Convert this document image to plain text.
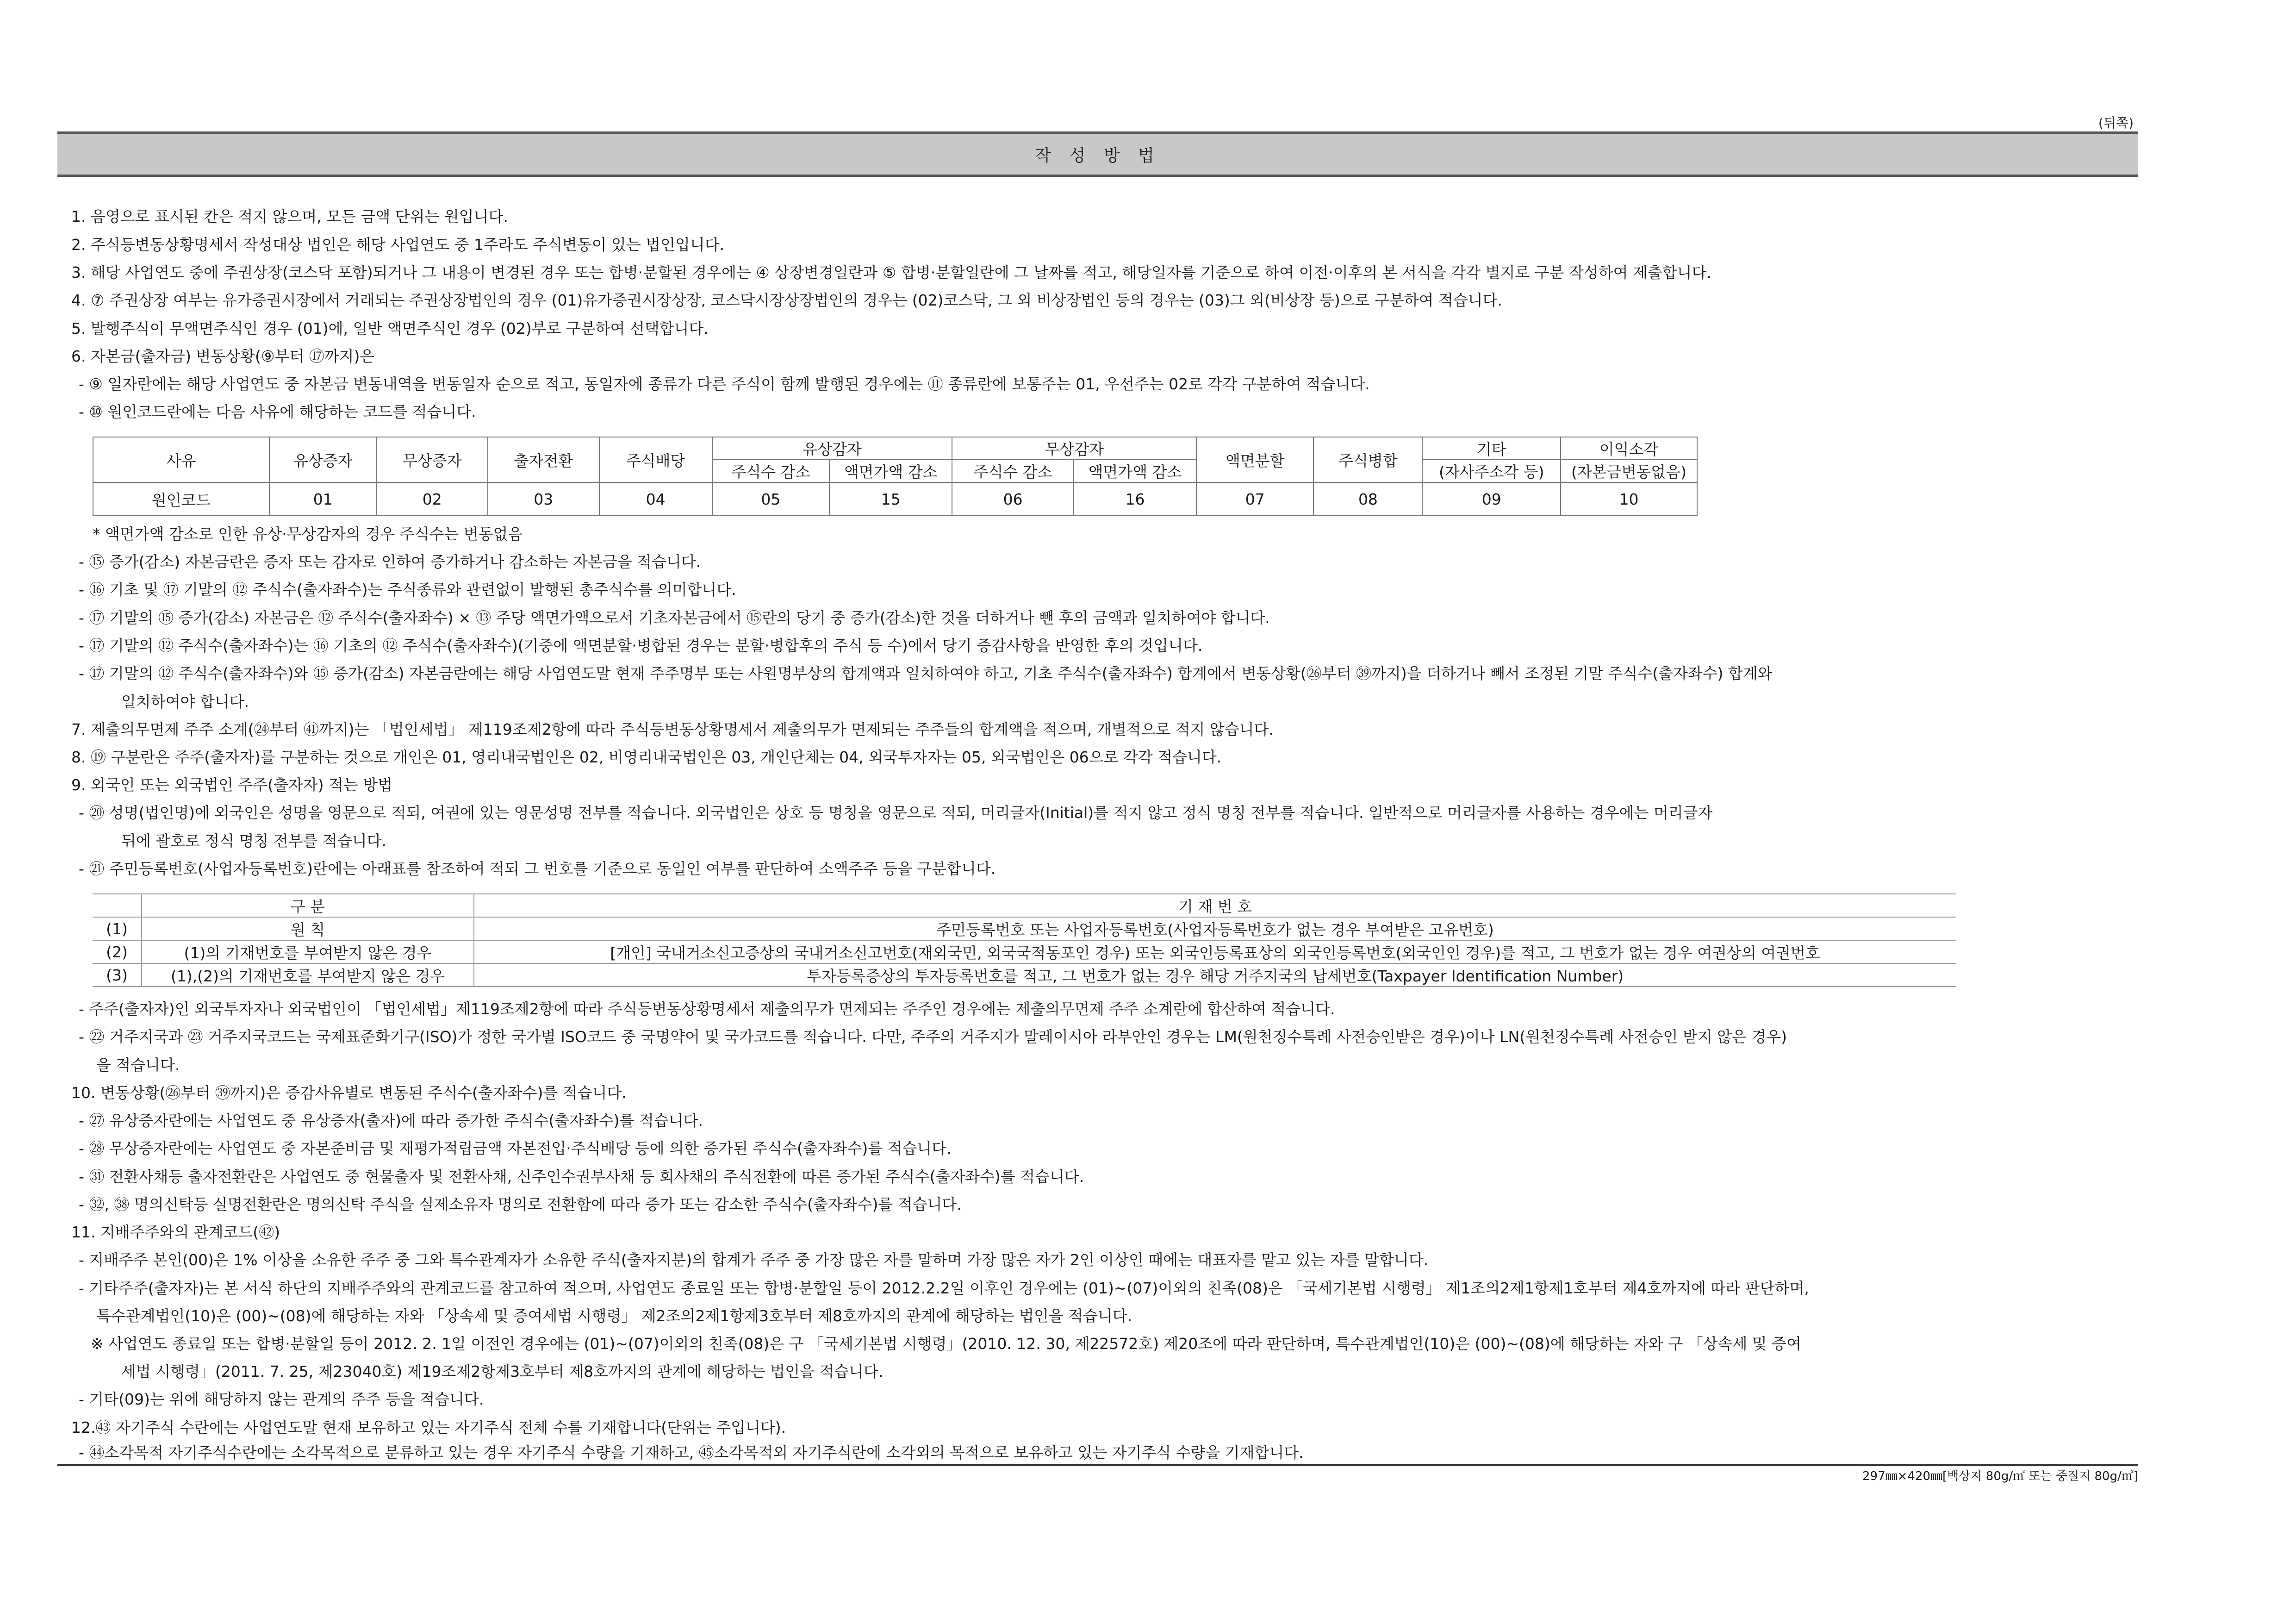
(뒤쪽)
작 성 방 법
1. 음영으로 표시된 칸은 적지 않으며, 모든 금액 단위는 원입니다.
2. 주식등변동상황명세서 작성대상 법인은 해당 사업연도 중 1주라도 주식변동이 있는 법인입니다.
3. 해당 사업연도 중에 주권상장(코스닥 포함)되거나 그 내용이 변경된 경우 또는 합병·분할된 경우에는 ④ 상장변경일란과 ⑤ 합병·분할일란에 그 날짜를 적고, 해당일자를 기준으로 하여 이전·이후의 본 서식을 각각 별지로 구분 작성하여 제출합니다.
4. ⑦ 주권상장 여부는 유가증권시장에서 거래되는 주권상장법인의 경우 (01)유가증권시장상장, 코스닥시장상장법인의 경우는 (02)코스닥, 그 외 비상장법인 등의 경우는 (03)그 외(비상장 등)으로 구분하여 적습니다.
5. 발행주식이 무액면주식인 경우 (01)에, 일반 액면주식인 경우 (02)부로 구분하여 선택합니다.
6. 자본금(출자금) 변동상황(⑨부터 ⑰까지)은
- ⑨ 일자란에는 해당 사업연도 중 자본금 변동내역을 변동일자 순으로 적고, 동일자에 종류가 다른 주식이 함께 발행된 경우에는 ⑪ 종류란에 보통주는 01, 우선주는 02로 각각 구분하여 적습니다.
- ⑩ 원인코드란에는 다음 사유에 해당하는 코드를 적습니다.
사유	유상증자	무상증자	출자전환	주식배당	유상감자		무상감자		액면분할	주식병합	기타	이익소각
					주식수 감소	액면가액 감소	주식수 감소	액면가액 감소			(자사주소각 등)	(자본금변동없음)
원인코드	01	02	03	04	05	15	06	16	07	08	09	10
* 액면가액 감소로 인한 유상·무상감자의 경우 주식수는 변동없음
- ⑮ 증가(감소) 자본금란은 증자 또는 감자로 인하여 증가하거나 감소하는 자본금을 적습니다.
- ⑯ 기초 및 ⑰ 기말의 ⑫ 주식수(출자좌수)는 주식종류와 관련없이 발행된 총주식수를 의미합니다.
- ⑰ 기말의 ⑮ 증가(감소) 자본금은 ⑫ 주식수(출자좌수) × ⑬ 주당 액면가액으로서 기초자본금에서 ⑮란의 당기 중 증가(감소)한 것을 더하거나 뺀 후의 금액과 일치하여야 합니다.
- ⑰ 기말의 ⑫ 주식수(출자좌수)는 ⑯ 기초의 ⑫ 주식수(출자좌수)(기중에 액면분할·병합된 경우는 분할·병합후의 주식 등 수)에서 당기 증감사항을 반영한 후의 것입니다.
- ⑰ 기말의 ⑫ 주식수(출자좌수)와 ⑮ 증가(감소) 자본금란에는 해당 사업연도말 현재 주주명부 또는 사원명부상의 합계액과 일치하여야 하고, 기초 주식수(출자좌수) 합계에서 변동상황(㉖부터 ㊴까지)을 더하거나 빼서 조정된 기말 주식수(출자좌수) 합계와
일치하여야 합니다.
7. 제출의무면제 주주 소계(㉔부터 ㊶까지)는 「법인세법」 제119조제2항에 따라 주식등변동상황명세서 제출의무가 면제되는 주주들의 합계액을 적으며, 개별적으로 적지 않습니다.
8. ⑲ 구분란은 주주(출자자)를 구분하는 것으로 개인은 01, 영리내국법인은 02, 비영리내국법인은 03, 개인단체는 04, 외국투자자는 05, 외국법인은 06으로 각각 적습니다.
9. 외국인 또는 외국법인 주주(출자자) 적는 방법
- ⑳ 성명(법인명)에 외국인은 성명을 영문으로 적되, 여권에 있는 영문성명 전부를 적습니다. 외국법인은 상호 등 명칭을 영문으로 적되, 머리글자(Initial)를 적지 않고 정식 명칭 전부를 적습니다. 일반적으로 머리글자를 사용하는 경우에는 머리글자
뒤에 괄호로 정식 명칭 전부를 적습니다.
- ㉑ 주민등록번호(사업자등록번호)란에는 아래표를 참조하여 적되 그 번호를 기준으로 동일인 여부를 판단하여 소액주주 등을 구분합니다.
	구 분	기 재 번 호
(1)	원 칙	주민등록번호 또는 사업자등록번호(사업자등록번호가 없는 경우 부여받은 고유번호)
(2)	(1)의 기재번호를 부여받지 않은 경우	[개인] 국내거소신고증상의 국내거소신고번호(재외국민, 외국국적동포인 경우) 또는 외국인등록표상의 외국인등록번호(외국인인 경우)를 적고, 그 번호가 없는 경우 여권상의 여권번호
(3)	(1),(2)의 기재번호를 부여받지 않은 경우	투자등록증상의 투자등록번호를 적고, 그 번호가 없는 경우 해당 거주지국의 납세번호(Taxpayer Identification Number)
- 주주(출자자)인 외국투자자나 외국법인이 「법인세법」제119조제2항에 따라 주식등변동상황명세서 제출의무가 면제되는 주주인 경우에는 제출의무면제 주주 소계란에 합산하여 적습니다.
- ㉒ 거주지국과 ㉓ 거주지국코드는 국제표준화기구(ISO)가 정한 국가별 ISO코드 중 국명약어 및 국가코드를 적습니다. 다만, 주주의 거주지가 말레이시아 라부안인 경우는 LM(원천징수특례 사전승인받은 경우)이나 LN(원천징수특례 사전승인 받지 않은 경우)
을 적습니다.
10. 변동상황(㉖부터 ㊴까지)은 증감사유별로 변동된 주식수(출자좌수)를 적습니다.
- ㉗ 유상증자란에는 사업연도 중 유상증자(출자)에 따라 증가한 주식수(출자좌수)를 적습니다.
- ㉘ 무상증자란에는 사업연도 중 자본준비금 및 재평가적립금액 자본전입·주식배당 등에 의한 증가된 주식수(출자좌수)를 적습니다.
- ㉛ 전환사채등 출자전환란은 사업연도 중 현물출자 및 전환사채, 신주인수권부사채 등 회사채의 주식전환에 따른 증가된 주식수(출자좌수)를 적습니다.
- ㉜, ㊳ 명의신탁등 실명전환란은 명의신탁 주식을 실제소유자 명의로 전환함에 따라 증가 또는 감소한 주식수(출자좌수)를 적습니다.
11. 지배주주와의 관계코드(㊷)
- 지배주주 본인(00)은 1% 이상을 소유한 주주 중 그와 특수관계자가 소유한 주식(출자지분)의 합계가 주주 중 가장 많은 자를 말하며 가장 많은 자가 2인 이상인 때에는 대표자를 맡고 있는 자를 말합니다.
- 기타주주(출자자)는 본 서식 하단의 지배주주와의 관계코드를 참고하여 적으며, 사업연도 종료일 또는 합병·분할일 등이 2012.2.2일 이후인 경우에는 (01)~(07)이외의 친족(08)은 「국세기본법 시행령」 제1조의2제1항제1호부터 제4호까지에 따라 판단하며,
특수관계법인(10)은 (00)~(08)에 해당하는 자와 「상속세 및 증여세법 시행령」 제2조의2제1항제3호부터 제8호까지의 관계에 해당하는 법인을 적습니다.
※ 사업연도 종료일 또는 합병·분할일 등이 2012. 2. 1일 이전인 경우에는 (01)~(07)이외의 친족(08)은 구 「국세기본법 시행령」(2010. 12. 30, 제22572호) 제20조에 따라 판단하며, 특수관계법인(10)은 (00)~(08)에 해당하는 자와 구 「상속세 및 증여
세법 시행령」(2011. 7. 25, 제23040호) 제19조제2항제3호부터 제8호까지의 관계에 해당하는 법인을 적습니다.
- 기타(09)는 위에 해당하지 않는 관계의 주주 등을 적습니다.
12.㊸ 자기주식 수란에는 사업연도말 현재 보유하고 있는 자기주식 전체 수를 기재합니다(단위는 주입니다).
- ㊹소각목적 자기주식수란에는 소각목적으로 분류하고 있는 경우 자기주식 수량을 기재하고, ㊺소각목적외 자기주식란에 소각외의 목적으로 보유하고 있는 자기주식 수량을 기재합니다.
297㎜×420㎜[백상지 80g/㎡ 또는 중질지 80g/㎡]
